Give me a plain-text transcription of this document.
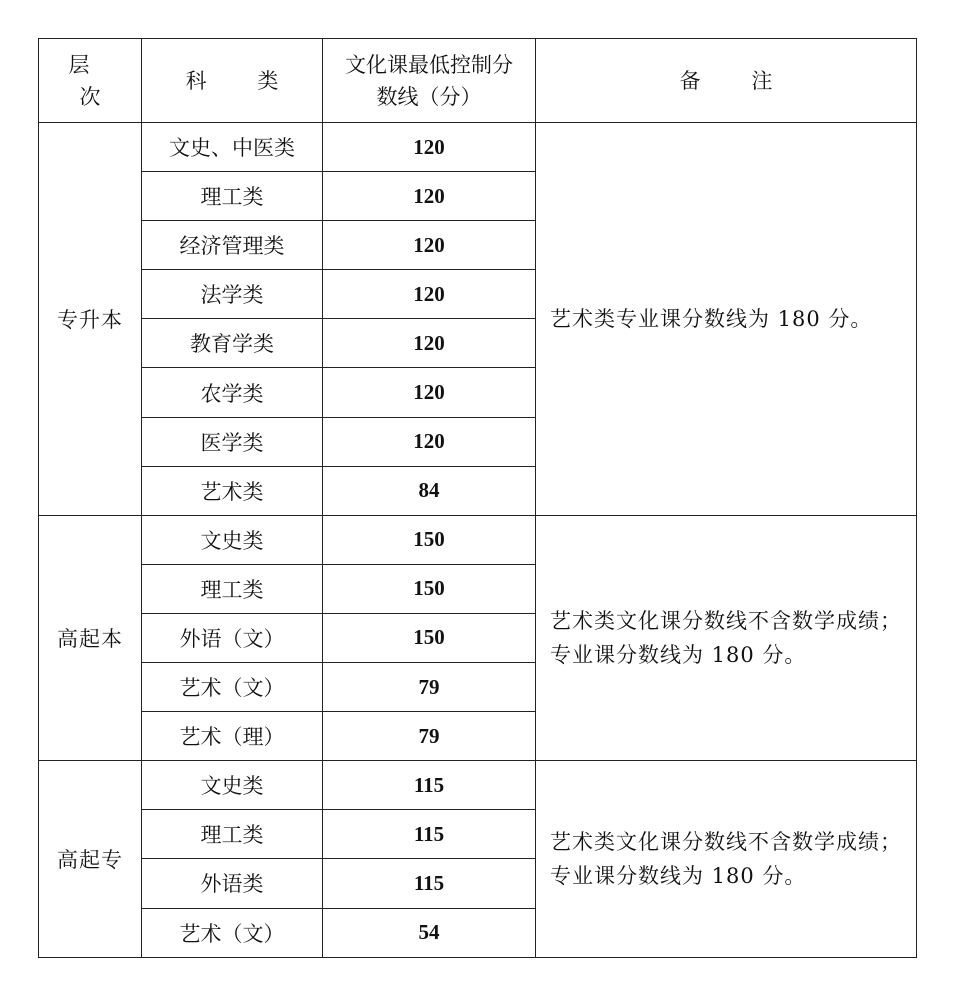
层 次	科 类	文化课最低控制分
数线（分）	备 注
专升本	文史、中医类	120	艺术类专业课分数线为 180 分。
	理工类	120	
	经济管理类	120	
	法学类	120	
	教育学类	120	
	农学类	120	
	医学类	120	
	艺术类	84	
高起本	文史类	150	艺术类文化课分数线不含数学成绩；专业课分数线为 180 分。
	理工类	150	
	外语（文）	150	
	艺术（文）	79	
	艺术（理）	79	
高起专	文史类	115	艺术类文化课分数线不含数学成绩；专业课分数线为 180 分。
	理工类	115	
	外语类	115	
	艺术（文）	54	
